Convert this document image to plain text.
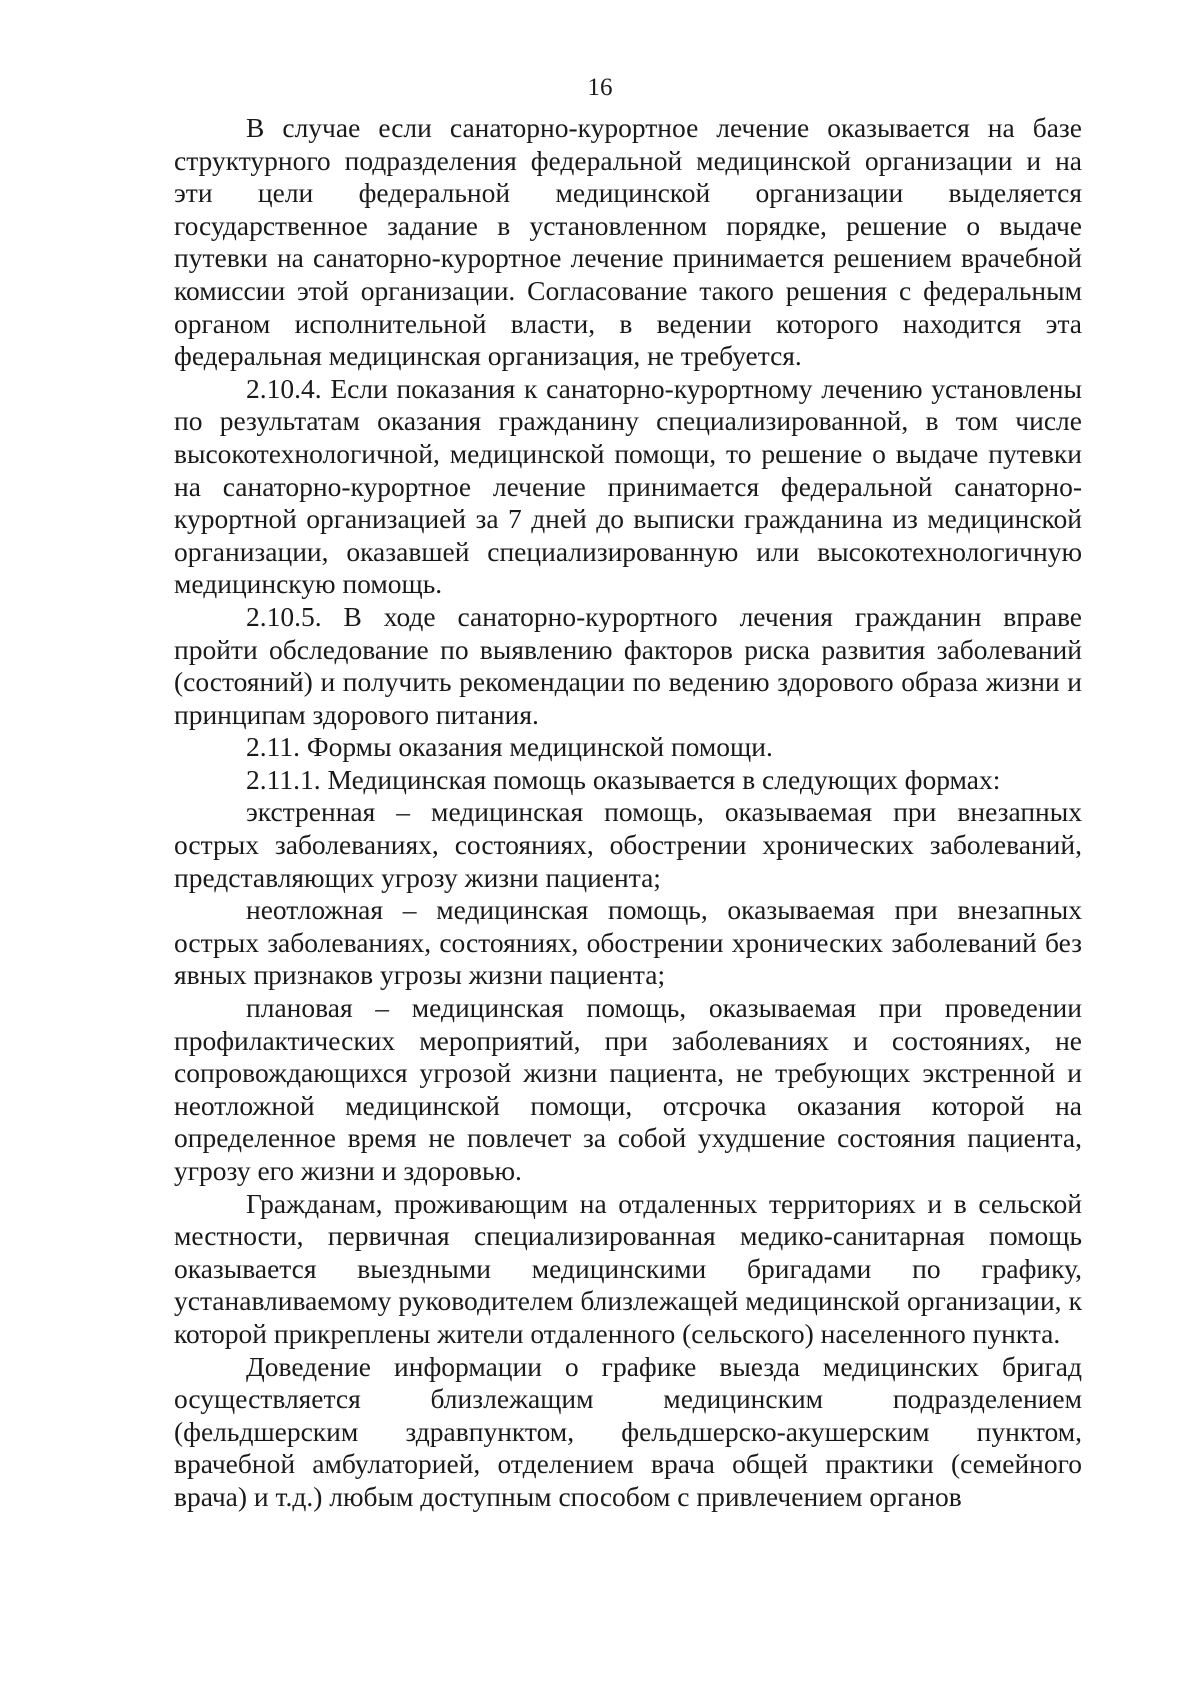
16

В случае если санаторно-курортное лечение оказывается на базе структурного подразделения федеральной медицинской организации и на эти цели федеральной медицинской организации выделяется государственное задание в установленном порядке, решение о выдаче путевки на санаторно-курортное лечение принимается решением врачебной комиссии этой организации. Согласование такого решения с федеральным органом исполнительной власти, в ведении которого находится эта федеральная медицинская организация, не требуется.

2.10.4. Если показания к санаторно-курортному лечению установлены по результатам оказания гражданину специализированной, в том числе высокотехнологичной, медицинской помощи, то решение о выдаче путевки на санаторно-курортное лечение принимается федеральной санаторно-курортной организацией за 7 дней до выписки гражданина из медицинской организации, оказавшей специализированную или высокотехнологичную медицинскую помощь.

2.10.5. В ходе санаторно-курортного лечения гражданин вправе пройти обследование по выявлению факторов риска развития заболеваний (состояний) и получить рекомендации по ведению здорового образа жизни и принципам здорового питания.

2.11. Формы оказания медицинской помощи.

2.11.1. Медицинская помощь оказывается в следующих формах:

экстренная – медицинская помощь, оказываемая при внезапных острых заболеваниях, состояниях, обострении хронических заболеваний, представляющих угрозу жизни пациента;

неотложная – медицинская помощь, оказываемая при внезапных острых заболеваниях, состояниях, обострении хронических заболеваний без явных признаков угрозы жизни пациента;

плановая – медицинская помощь, оказываемая при проведении профилактических мероприятий, при заболеваниях и состояниях, не сопровождающихся угрозой жизни пациента, не требующих экстренной и неотложной медицинской помощи, отсрочка оказания которой на определенное время не повлечет за собой ухудшение состояния пациента, угрозу его жизни и здоровью.

Гражданам, проживающим на отдаленных территориях и в сельской местности, первичная специализированная медико-санитарная помощь оказывается выездными медицинскими бригадами по графику, устанавливаемому руководителем близлежащей медицинской организации, к которой прикреплены жители отдаленного (сельского) населенного пункта.

Доведение информации о графике выезда медицинских бригад осуществляется близлежащим медицинским подразделением (фельдшерским здравпунктом, фельдшерско-акушерским пунктом, врачебной амбулаторией, отделением врача общей практики (семейного врача) и т.д.) любым доступным способом с привлечением органов
